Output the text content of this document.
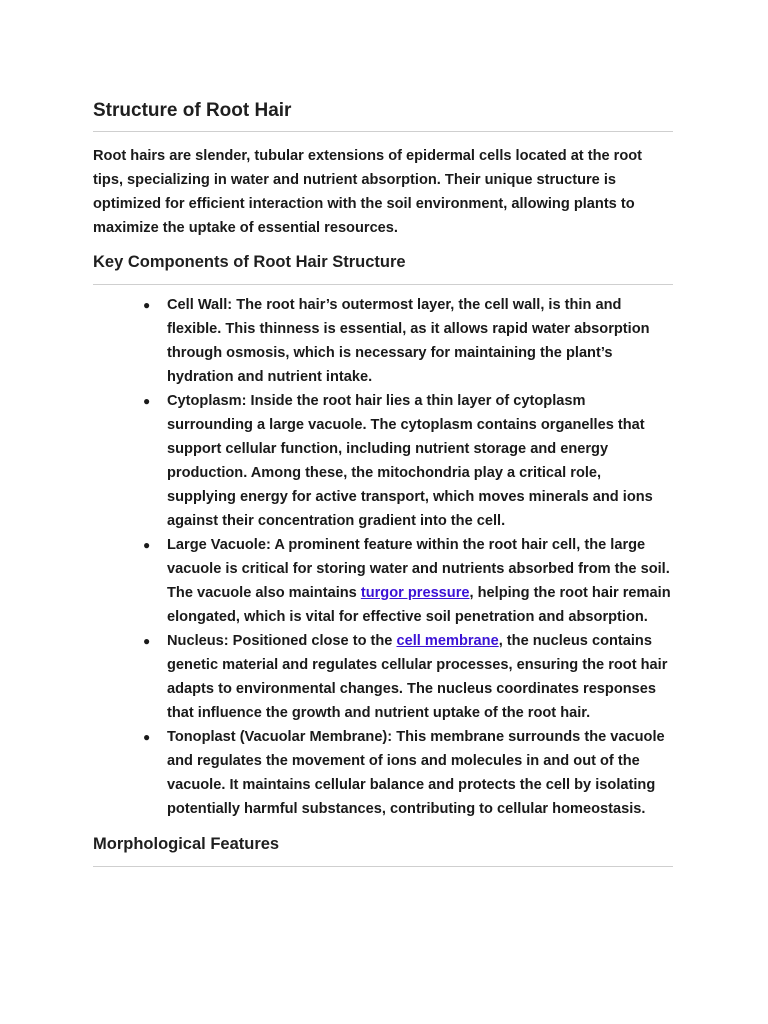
Structure of Root Hair

Root hairs are slender, tubular extensions of epidermal cells located at the root tips, specializing in water and nutrient absorption. Their unique structure is optimized for efficient interaction with the soil environment, allowing plants to maximize the uptake of essential resources.

Key Components of Root Hair Structure
● Cell Wall: The root hair’s outermost layer, the cell wall, is thin and flexible. This thinness is essential, as it allows rapid water absorption through osmosis, which is necessary for maintaining the plant’s hydration and nutrient intake.
● Cytoplasm: Inside the root hair lies a thin layer of cytoplasm surrounding a large vacuole. The cytoplasm contains organelles that support cellular function, including nutrient storage and energy production. Among these, the mitochondria play a critical role, supplying energy for active transport, which moves minerals and ions against their concentration gradient into the cell.
● Large Vacuole: A prominent feature within the root hair cell, the large vacuole is critical for storing water and nutrients absorbed from the soil. The vacuole also maintains turgor pressure, helping the root hair remain elongated, which is vital for effective soil penetration and absorption.
● Nucleus: Positioned close to the cell membrane, the nucleus contains genetic material and regulates cellular processes, ensuring the root hair adapts to environmental changes. The nucleus coordinates responses that influence the growth and nutrient uptake of the root hair.
● Tonoplast (Vacuolar Membrane): This membrane surrounds the vacuole and regulates the movement of ions and molecules in and out of the vacuole. It maintains cellular balance and protects the cell by isolating potentially harmful substances, contributing to cellular homeostasis.
Morphological Features
